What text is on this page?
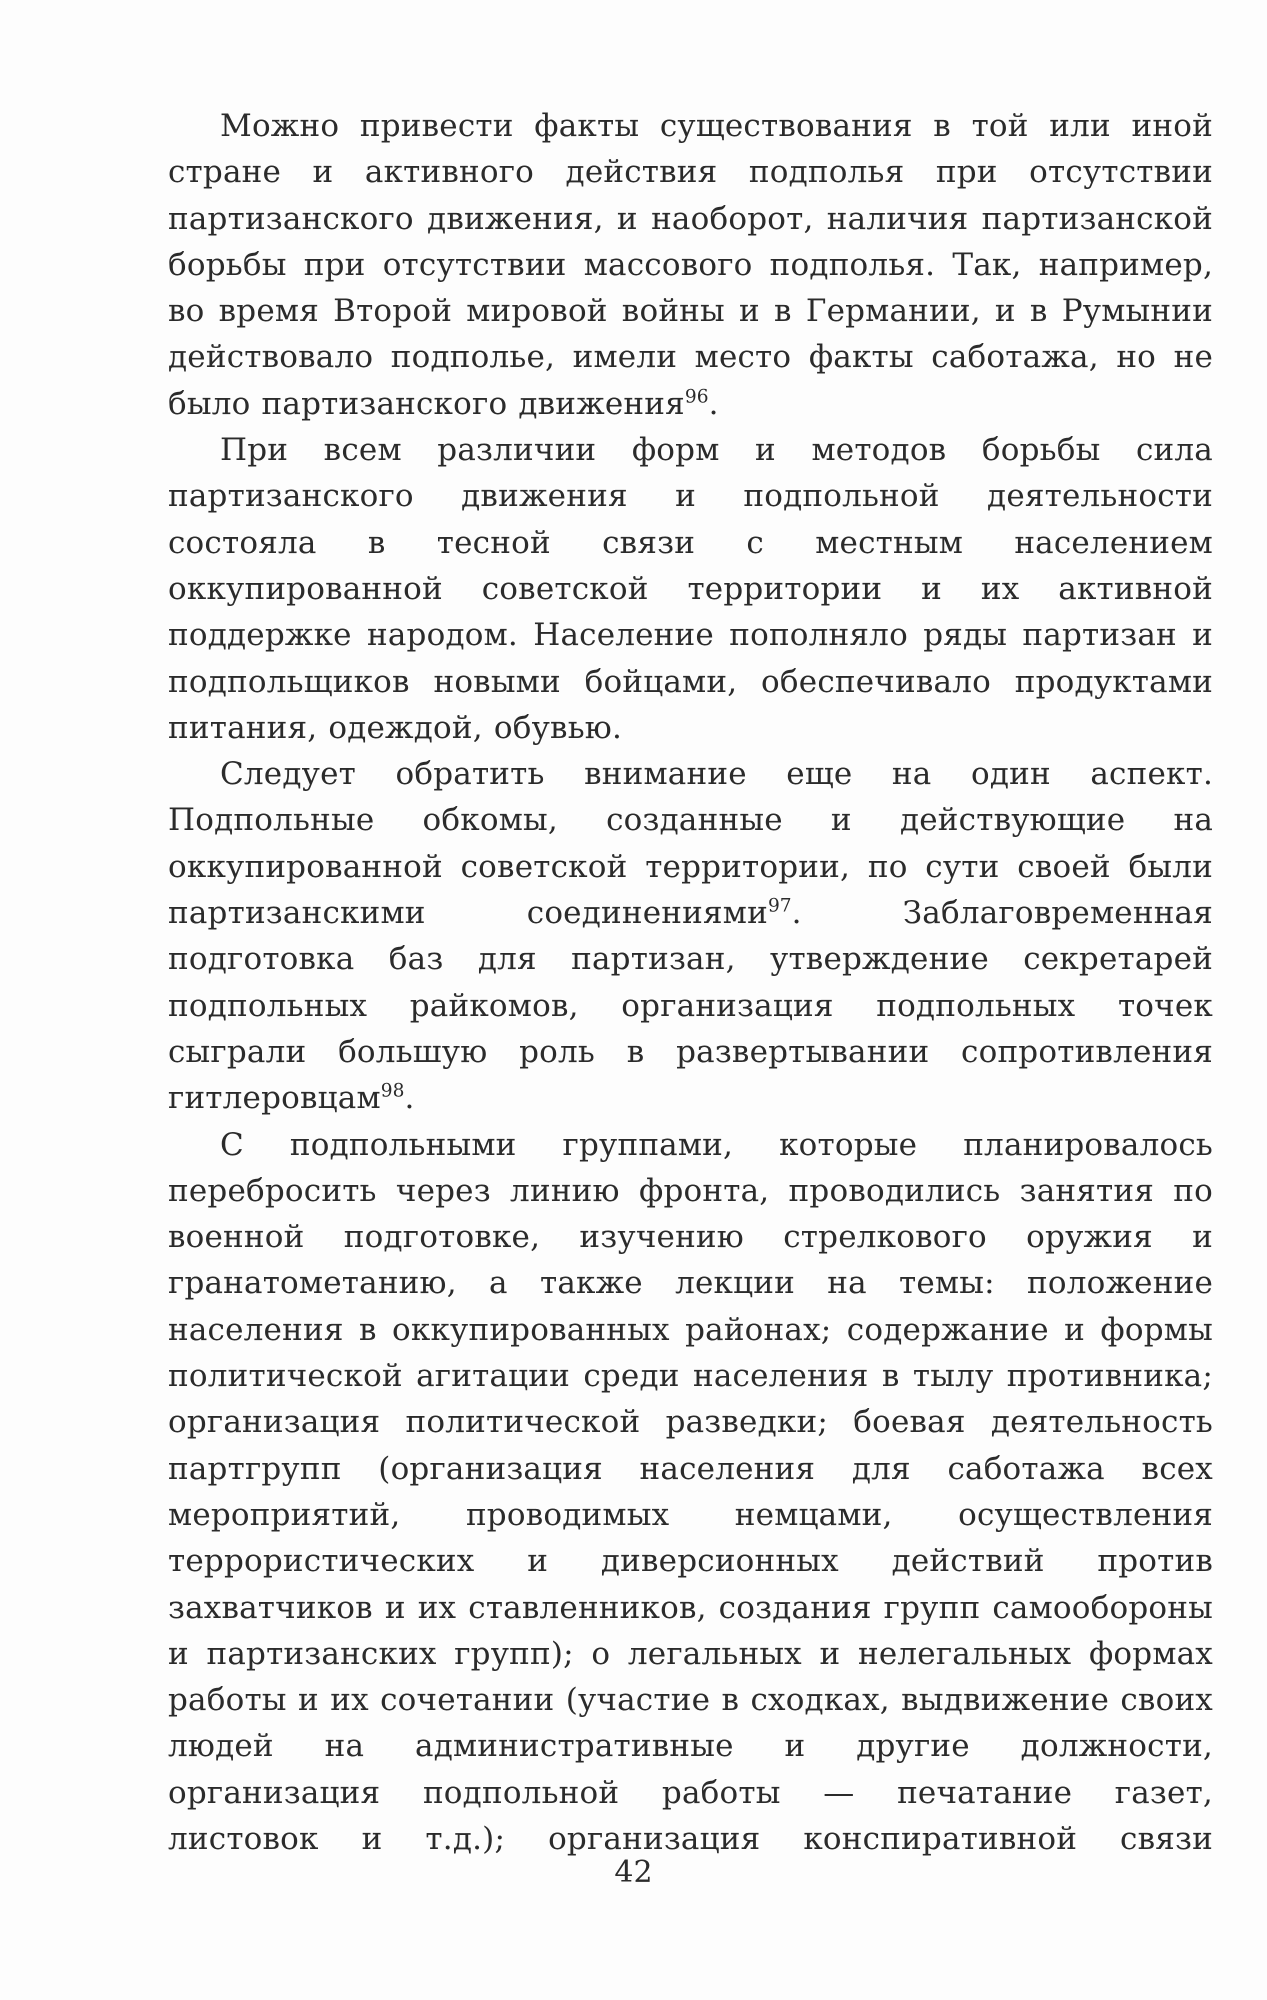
Можно привести факты существования в той или иной стране и активного действия подполья при отсутствии партизанского движения, и наоборот, наличия партизанской борьбы при отсутствии массового подполья. Так, например, во время Второй мировой войны и в Германии, и в Румынии действовало подполье, имели место факты саботажа, но не было партизанского движения$^{96}$.

При всем различии форм и методов борьбы сила партизанского движения и подпольной деятельности состояла в тесной связи с местным населением оккупированной советской территории и их активной поддержке народом. Население пополняло ряды партизан и подпольщиков новыми бойцами, обеспечивало продуктами питания, одеждой, обувью.

Следует обратить внимание еще на один аспект. Подпольные обкомы, созданные и действующие на оккупированной советской территории, по сути своей были партизанскими соединениями$^{97}$. Заблаговременная подготовка баз для партизан, утверждение секретарей подпольных райкомов, организация подпольных точек сыграли большую роль в развертывании сопротивления гитлеровцам$^{98}$.

С подпольными группами, которые планировалось перебросить через линию фронта, проводились занятия по военной подготовке, изучению стрелкового оружия и гранатометанию, а также лекции на темы: положение населения в оккупированных районах; содержание и формы политической агитации среди населения в тылу противника; организация политической разведки; боевая деятельность партгрупп (организация населения для саботажа всех мероприятий, проводимых немцами, осуществления террористических и диверсионных действий против захватчиков и их ставленников, создания групп самообороны и партизанских групп); о легальных и нелегальных формах работы и их сочетании (участие в сходках, выдвижение своих людей на административные и другие должности, организация подпольной работы — печатание газет, листовок и т.д.); организация конспиративной связи

42
